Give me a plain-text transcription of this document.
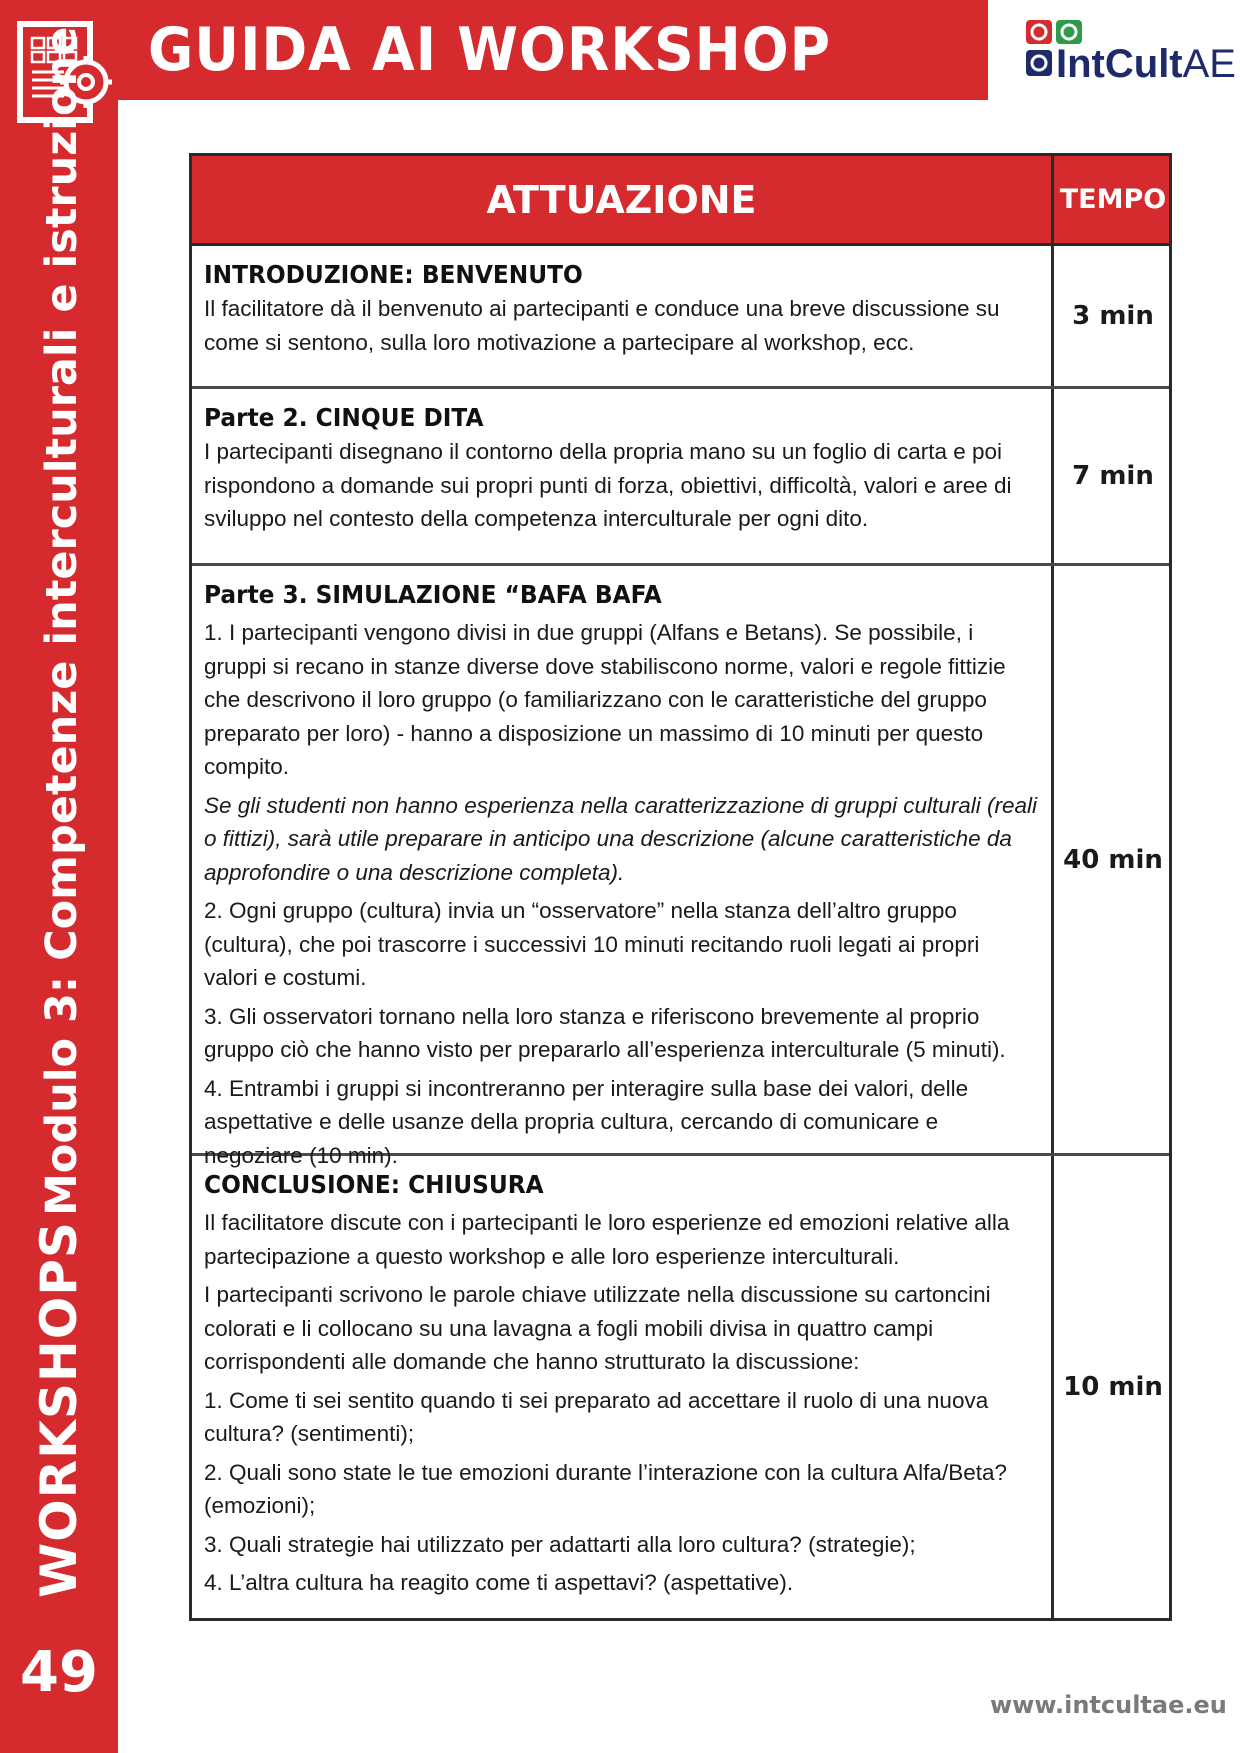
GUIDA AI WORKSHOP	IntCultAE
WORKSHOPS Modulo 3: Competenze interculturali e istruzione
49
ATTUAZIONE	TEMPO
INTRODUZIONE: BENVENUTO
Il facilitatore dà il benvenuto ai partecipanti e conduce una breve discussione su come si sentono, sulla loro motivazione a partecipare al workshop, ecc.
3 min
Parte 2. CINQUE DITA
I partecipanti disegnano il contorno della propria mano su un foglio di carta e poi rispondono a domande sui propri punti di forza, obiettivi, difficoltà, valori e aree di sviluppo nel contesto della competenza interculturale per ogni dito.
7 min
Parte 3. SIMULAZIONE “BAFA BAFA
1. I partecipanti vengono divisi in due gruppi (Alfans e Betans). Se possibile, i gruppi si recano in stanze diverse dove stabiliscono norme, valori e regole fittizie che descrivono il loro gruppo (o familiarizzano con le caratteristiche del gruppo preparato per loro) - hanno a disposizione un massimo di 10 minuti per questo compito.
Se gli studenti non hanno esperienza nella caratterizzazione di gruppi culturali (reali o fittizi), sarà utile preparare in anticipo una descrizione (alcune caratteristiche da approfondire o una descrizione completa).
2. Ogni gruppo (cultura) invia un “osservatore” nella stanza dell’altro gruppo (cultura), che poi trascorre i successivi 10 minuti recitando ruoli legati ai propri valori e costumi.
3. Gli osservatori tornano nella loro stanza e riferiscono brevemente al proprio gruppo ciò che hanno visto per prepararlo all’esperienza interculturale (5 minuti).
4. Entrambi i gruppi si incontreranno per interagire sulla base dei valori, delle aspettative e delle usanze della propria cultura, cercando di comunicare e negoziare (10 min).
40 min
CONCLUSIONE: CHIUSURA
Il facilitatore discute con i partecipanti le loro esperienze ed emozioni relative alla partecipazione a questo workshop e alle loro esperienze interculturali.
I partecipanti scrivono le parole chiave utilizzate nella discussione su cartoncini colorati e li collocano su una lavagna a fogli mobili divisa in quattro campi corrispondenti alle domande che hanno strutturato la discussione:
1. Come ti sei sentito quando ti sei preparato ad accettare il ruolo di una nuova cultura? (sentimenti);
2. Quali sono state le tue emozioni durante l’interazione con la cultura Alfa/Beta? (emozioni);
3. Quali strategie hai utilizzato per adattarti alla loro cultura? (strategie);
4. L’altra cultura ha reagito come ti aspettavi? (aspettative).
10 min
www.intcultae.eu
